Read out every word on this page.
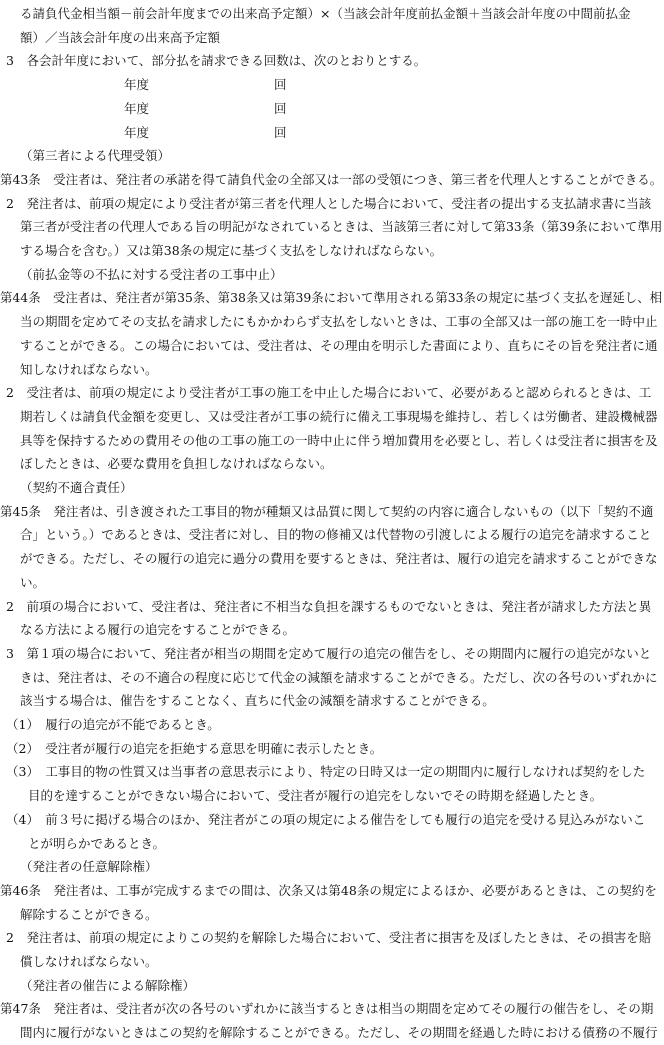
る請負代金相当額－前会計年度までの出来高予定額）×（当該会計年度前払金額＋当該会計年度の中間前払金
額）／当該会計年度の出来高予定額
3　各会計年度において、部分払を請求できる回数は、次のとおりとする。
年度	回
年度	回
年度	回
（第三者による代理受領）
第43条　受注者は、発注者の承諾を得て請負代金の全部又は一部の受領につき、第三者を代理人とすることができる。
2　発注者は、前項の規定により受注者が第三者を代理人とした場合において、受注者の提出する支払請求書に当該
第三者が受注者の代理人である旨の明記がなされているときは、当該第三者に対して第33条（第39条において準用
する場合を含む。）又は第38条の規定に基づく支払をしなければならない。
（前払金等の不払に対する受注者の工事中止）
第44条　受注者は、発注者が第35条、第38条又は第39条において準用される第33条の規定に基づく支払を遅延し、相
当の期間を定めてその支払を請求したにもかかわらず支払をしないときは、工事の全部又は一部の施工を一時中止
することができる。この場合においては、受注者は、その理由を明示した書面により、直ちにその旨を発注者に通
知しなければならない。
2　受注者は、前項の規定により受注者が工事の施工を中止した場合において、必要があると認められるときは、工
期若しくは請負代金額を変更し、又は受注者が工事の続行に備え工事現場を維持し、若しくは労働者、建設機械器
具等を保持するための費用その他の工事の施工の一時中止に伴う増加費用を必要とし、若しくは受注者に損害を及
ぼしたときは、必要な費用を負担しなければならない。
（契約不適合責任）
第45条　発注者は、引き渡された工事目的物が種類又は品質に関して契約の内容に適合しないもの（以下「契約不適
合」という。）であるときは、受注者に対し、目的物の修補又は代替物の引渡しによる履行の追完を請求すること
ができる。ただし、その履行の追完に過分の費用を要するときは、発注者は、履行の追完を請求することができな
い。
2　前項の場合において、受注者は、発注者に不相当な負担を課するものでないときは、発注者が請求した方法と異
なる方法による履行の追完をすることができる。
3　第１項の場合において、発注者が相当の期間を定めて履行の追完の催告をし、その期間内に履行の追完がないと
きは、発注者は、その不適合の程度に応じて代金の減額を請求することができる。ただし、次の各号のいずれかに
該当する場合は、催告をすることなく、直ちに代金の減額を請求することができる。
（1）　履行の追完が不能であるとき。
（2）　受注者が履行の追完を拒絶する意思を明確に表示したとき。
（3）　工事目的物の性質又は当事者の意思表示により、特定の日時又は一定の期間内に履行しなければ契約をした
目的を達することができない場合において、受注者が履行の追完をしないでその時期を経過したとき。
（4）　前３号に掲げる場合のほか、発注者がこの項の規定による催告をしても履行の追完を受ける見込みがないこ
とが明らかであるとき。
（発注者の任意解除権）
第46条　発注者は、工事が完成するまでの間は、次条又は第48条の規定によるほか、必要があるときは、この契約を
解除することができる。
2　発注者は、前項の規定によりこの契約を解除した場合において、受注者に損害を及ぼしたときは、その損害を賠
償しなければならない。
（発注者の催告による解除権）
第47条　発注者は、受注者が次の各号のいずれかに該当するときは相当の期間を定めてその履行の催告をし、その期
間内に履行がないときはこの契約を解除することができる。ただし、その期間を経過した時における債務の不履行
